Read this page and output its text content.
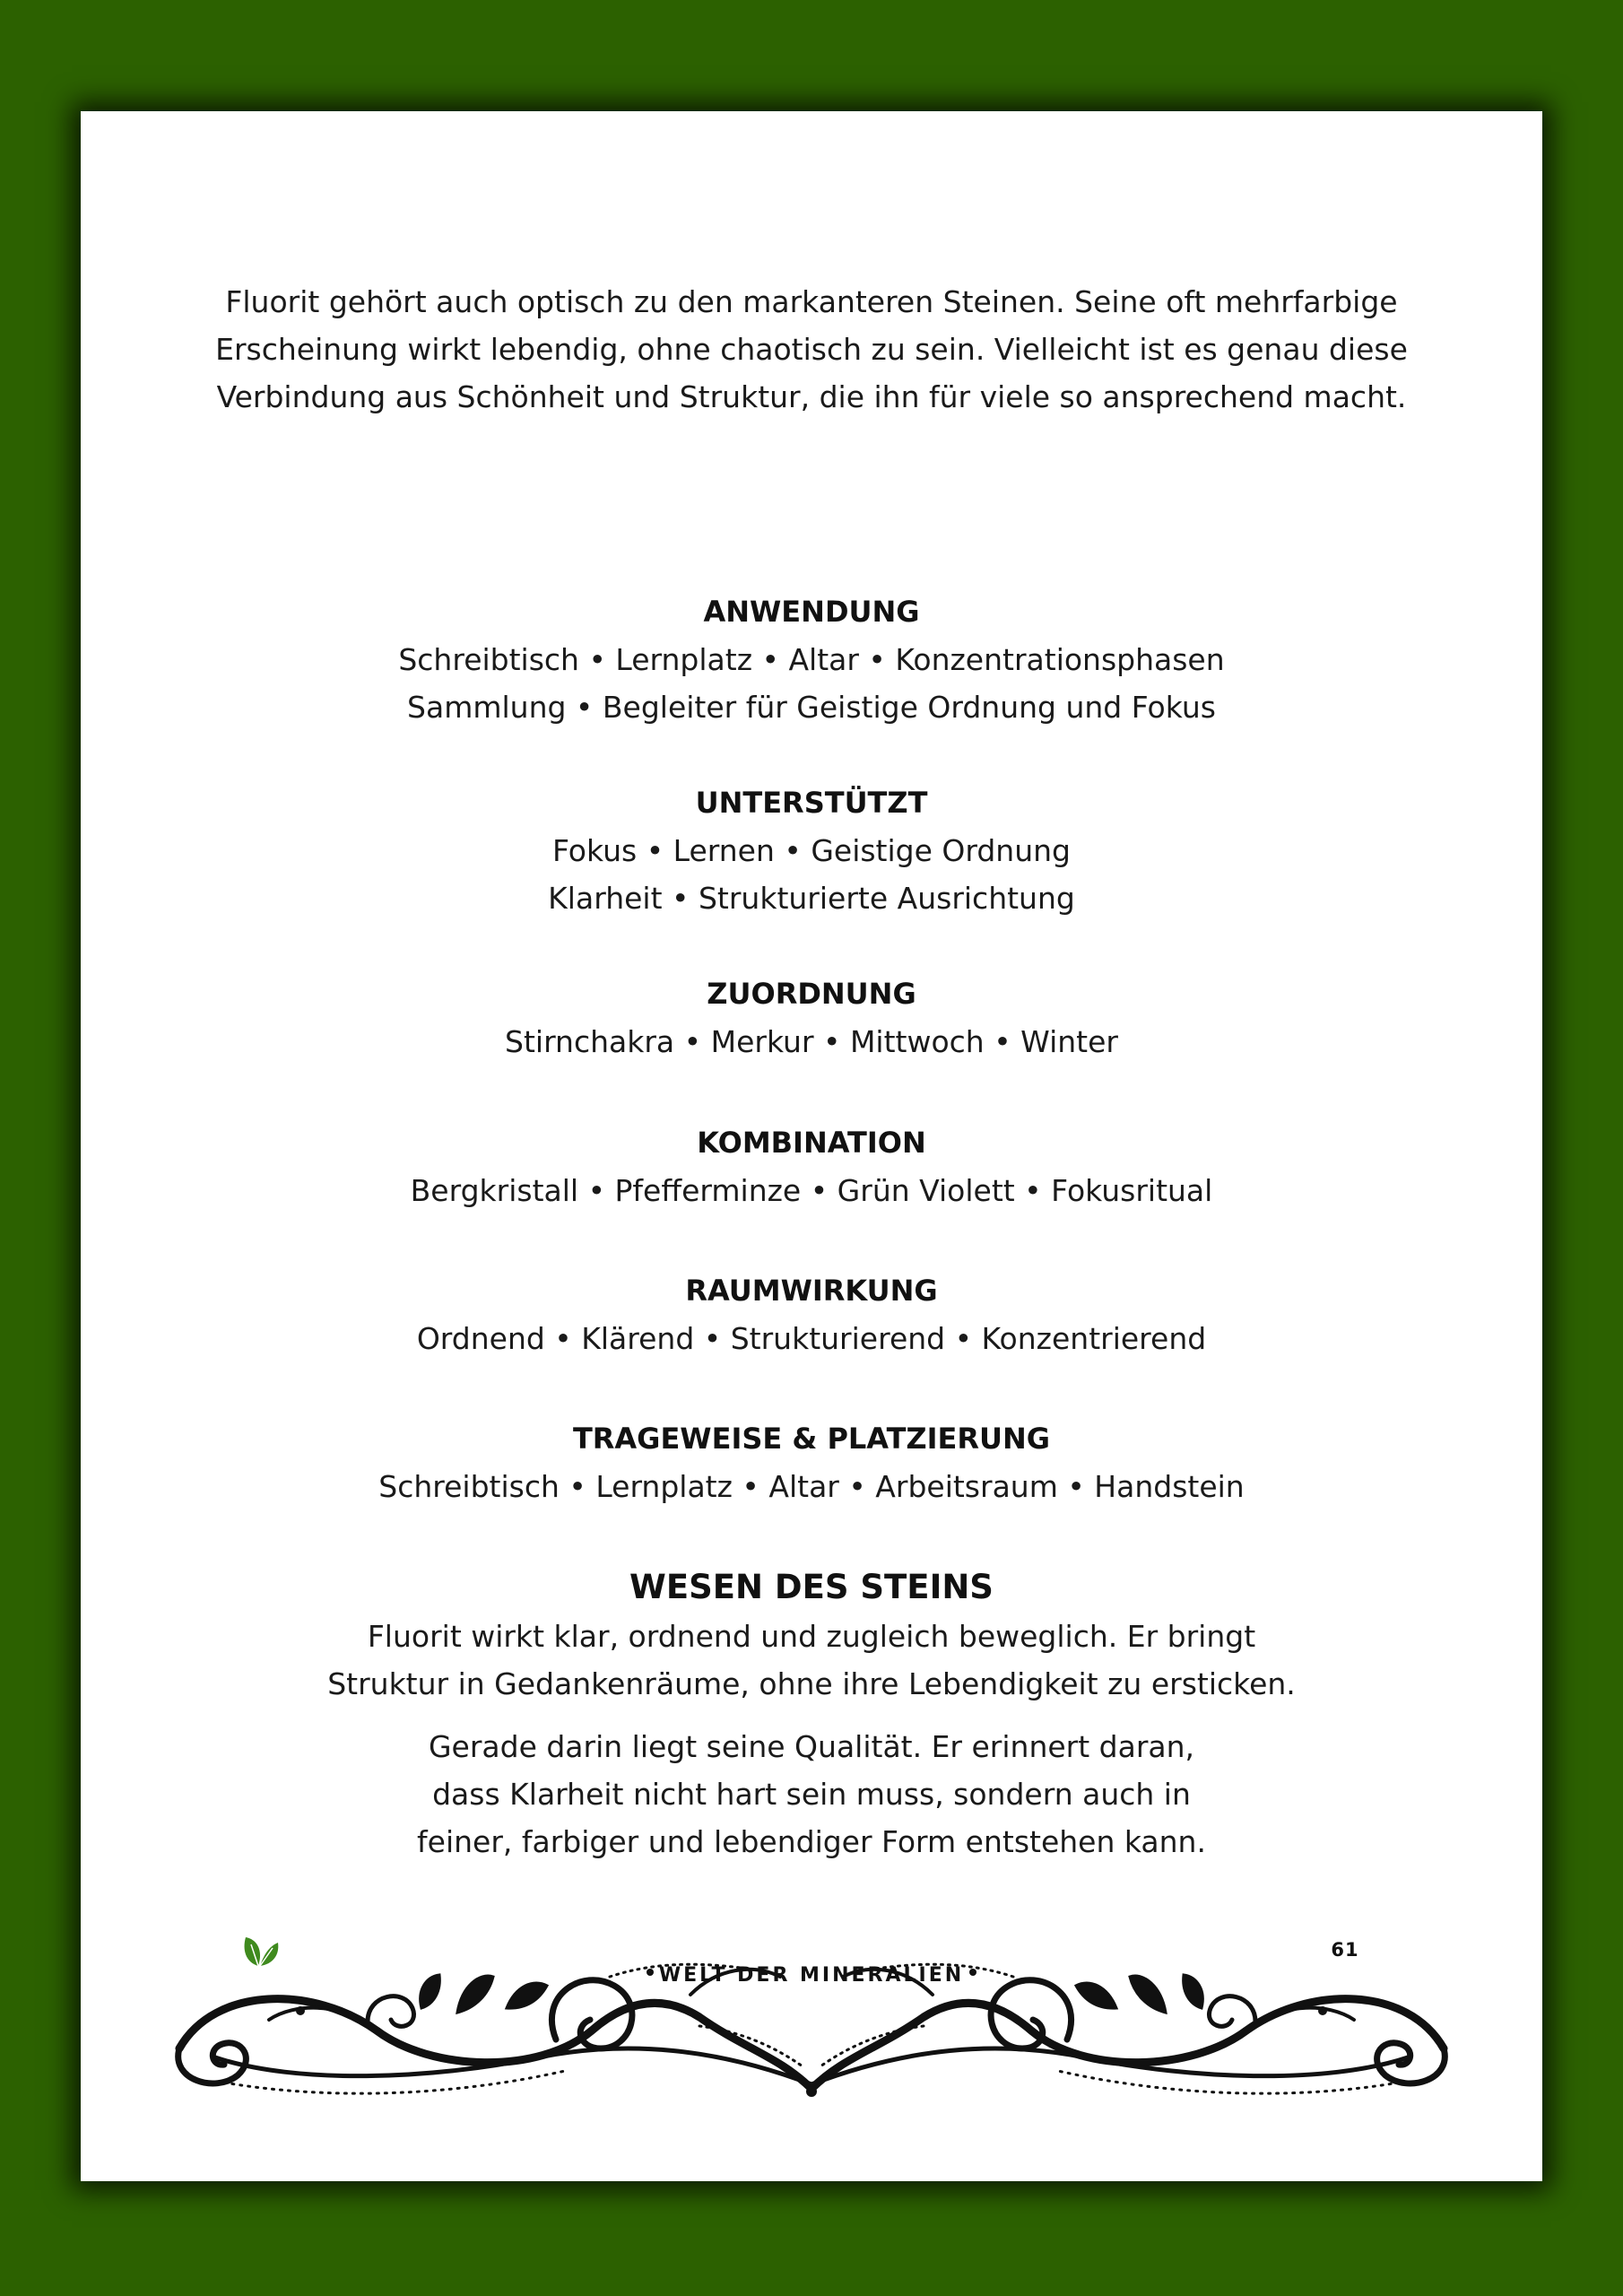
Fluorit gehört auch optisch zu den markanteren Steinen. Seine oft mehrfarbige
Erscheinung wirkt lebendig, ohne chaotisch zu sein. Vielleicht ist es genau diese
Verbindung aus Schönheit und Struktur, die ihn für viele so ansprechend macht.

ANWENDUNG
Schreibtisch • Lernplatz • Altar • Konzentrationsphasen
Sammlung • Begleiter für Geistige Ordnung und Fokus
UNTERSTÜTZT
Fokus • Lernen • Geistige Ordnung
Klarheit • Strukturierte Ausrichtung
ZUORDNUNG
Stirnchakra • Merkur • Mittwoch • Winter
KOMBINATION
Bergkristall • Pfefferminze • Grün Violett • Fokusritual
RAUMWIRKUNG
Ordnend • Klärend • Strukturierend • Konzentrierend
TRAGEWEISE & PLATZIERUNG
Schreibtisch • Lernplatz • Altar • Arbeitsraum • Handstein
WESEN DES STEINS
Fluorit wirkt klar, ordnend und zugleich beweglich. Er bringt
Struktur in Gedankenräume, ohne ihre Lebendigkeit zu ersticken.
Gerade darin liegt seine Qualität. Er erinnert daran,
dass Klarheit nicht hart sein muss, sondern auch in
feiner, farbiger und lebendiger Form entstehen kann.
WELT DER MINERALIEN
61
